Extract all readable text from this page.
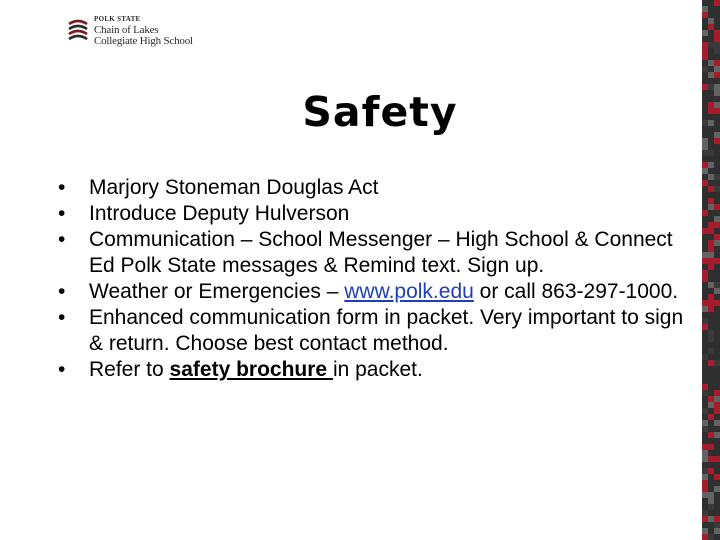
POLK STATE
Chain of Lakes
Collegiate High School
Safety
• Marjory Stoneman Douglas Act
• Introduce Deputy Hulverson
• Communication – School Messenger – High School & Connect Ed Polk State messages & Remind text. Sign up.
• Weather or Emergencies – www.polk.edu or call 863-297-1000.
• Enhanced communication form in packet. Very important to sign & return. Choose best contact method.
• Refer to safety brochure in packet.
